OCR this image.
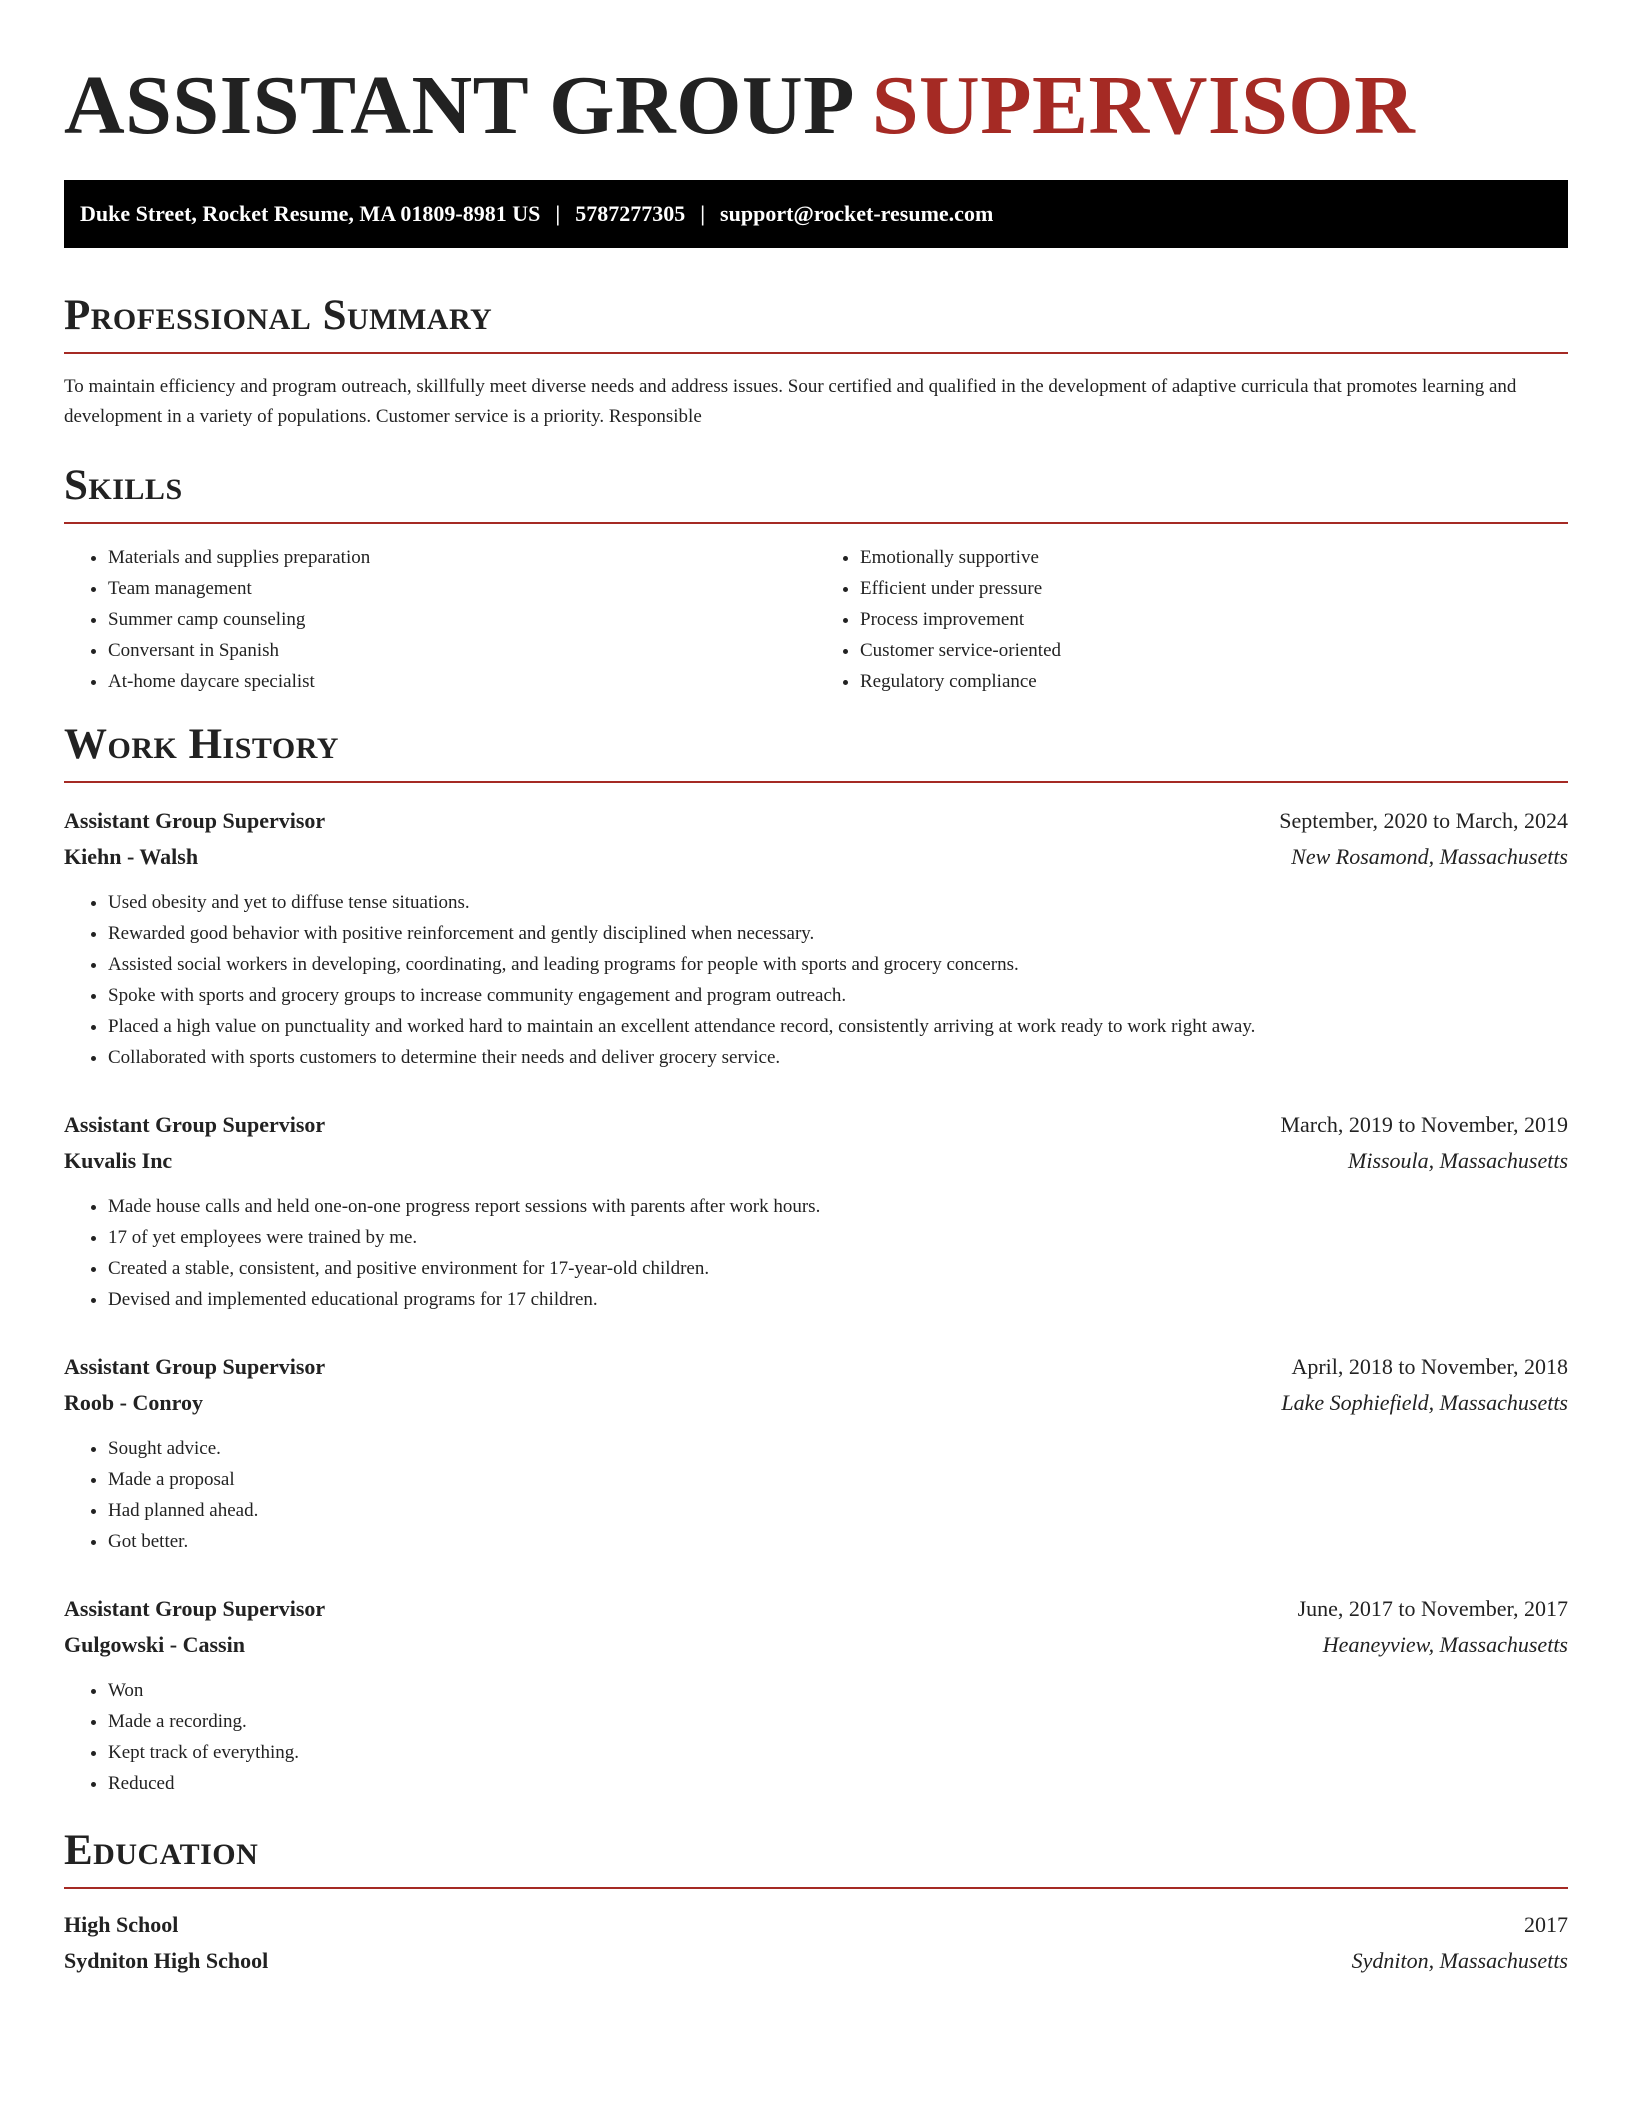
ASSISTANT GROUP SUPERVISOR
Duke Street, Rocket Resume, MA 01809-8981 US | 5787277305 | support@rocket-resume.com
Professional Summary
To maintain efficiency and program outreach, skillfully meet diverse needs and address issues. Sour certified and qualified in the development of adaptive curricula that promotes learning and development in a variety of populations. Customer service is a priority. Responsible
Skills
• Materials and supplies preparation
• Team management
• Summer camp counseling
• Conversant in Spanish
• At-home daycare specialist
• Emotionally supportive
• Efficient under pressure
• Process improvement
• Customer service-oriented
• Regulatory compliance
Work History
Assistant Group Supervisor	September, 2020 to March, 2024
Kiehn - Walsh	New Rosamond, Massachusetts
• Used obesity and yet to diffuse tense situations.
• Rewarded good behavior with positive reinforcement and gently disciplined when necessary.
• Assisted social workers in developing, coordinating, and leading programs for people with sports and grocery concerns.
• Spoke with sports and grocery groups to increase community engagement and program outreach.
• Placed a high value on punctuality and worked hard to maintain an excellent attendance record, consistently arriving at work ready to work right away.
• Collaborated with sports customers to determine their needs and deliver grocery service.
Assistant Group Supervisor	March, 2019 to November, 2019
Kuvalis Inc	Missoula, Massachusetts
• Made house calls and held one-on-one progress report sessions with parents after work hours.
• 17 of yet employees were trained by me.
• Created a stable, consistent, and positive environment for 17-year-old children.
• Devised and implemented educational programs for 17 children.
Assistant Group Supervisor	April, 2018 to November, 2018
Roob - Conroy	Lake Sophiefield, Massachusetts
• Sought advice.
• Made a proposal
• Had planned ahead.
• Got better.
Assistant Group Supervisor	June, 2017 to November, 2017
Gulgowski - Cassin	Heaneyview, Massachusetts
• Won
• Made a recording.
• Kept track of everything.
• Reduced
Education
High School	2017
Sydniton High School	Sydniton, Massachusetts
